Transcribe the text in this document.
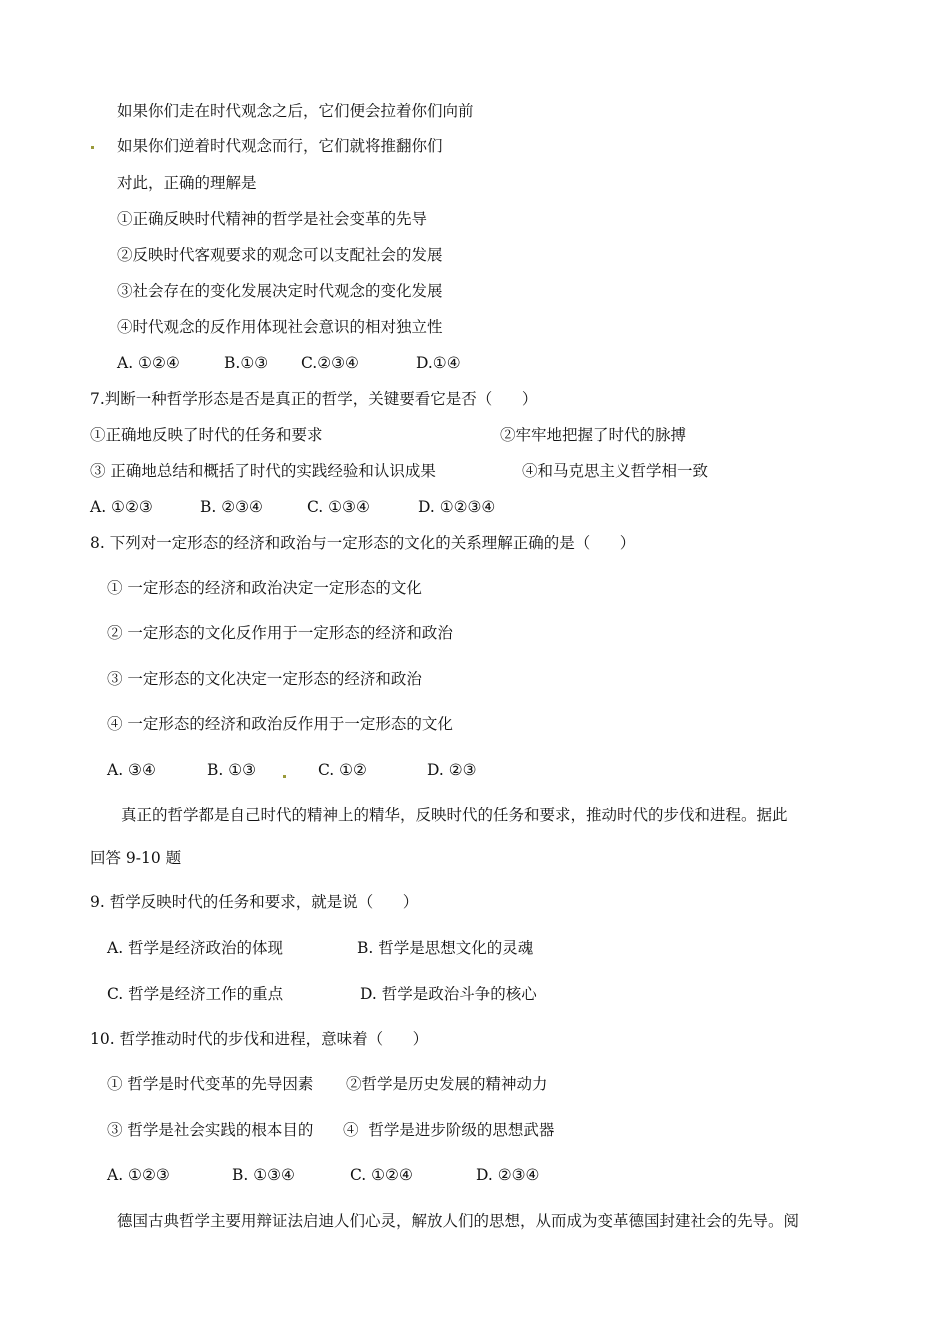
如果你们走在时代观念之后，它们便会拉着你们向前
如果你们逆着时代观念而行，它们就将推翻你们
对此，正确的理解是
①正确反映时代精神的哲学是社会变革的先导
②反映时代客观要求的观念可以支配社会的发展
③社会存在的变化发展决定时代观念的变化发展
④时代观念的反作用体现社会意识的相对独立性
A. ①②④	B.①③ C.②③④	D.①④
7.判断一种哲学形态是否是真正的哲学，关键要看它是否（      ）
①正确地反映了时代的任务和要求	②牢牢地把握了时代的脉搏
③ 正确地总结和概括了时代的实践经验和认识成果	④和马克思主义哲学相一致
A. ①②③	B. ②③④	C. ①③④	D. ①②③④
8. 下列对一定形态的经济和政治与一定形态的文化的关系理解正确的是（      ）
① 一定形态的经济和政治决定一定形态的文化
② 一定形态的文化反作用于一定形态的经济和政治
③ 一定形态的文化决定一定形态的经济和政治
④ 一定形态的经济和政治反作用于一定形态的文化
A. ③④	B. ①③	C. ①②	D. ②③
真正的哲学都是自己时代的精神上的精华，反映时代的任务和要求，推动时代的步伐和进程。据此
回答 9-10 题
9. 哲学反映时代的任务和要求，就是说（      ）
A. 哲学是经济政治的体现	B. 哲学是思想文化的灵魂
C. 哲学是经济工作的重点	D. 哲学是政治斗争的核心
10. 哲学推动时代的步伐和进程，意味着（      ）
① 哲学是时代变革的先导因素 ②哲学是历史发展的精神动力
③ 哲学是社会实践的根本目的 ④  哲学是进步阶级的思想武器
A. ①②③	B. ①③④	C. ①②④	D. ②③④
德国古典哲学主要用辩证法启迪人们心灵，解放人们的思想，从而成为变革德国封建社会的先导。阅
